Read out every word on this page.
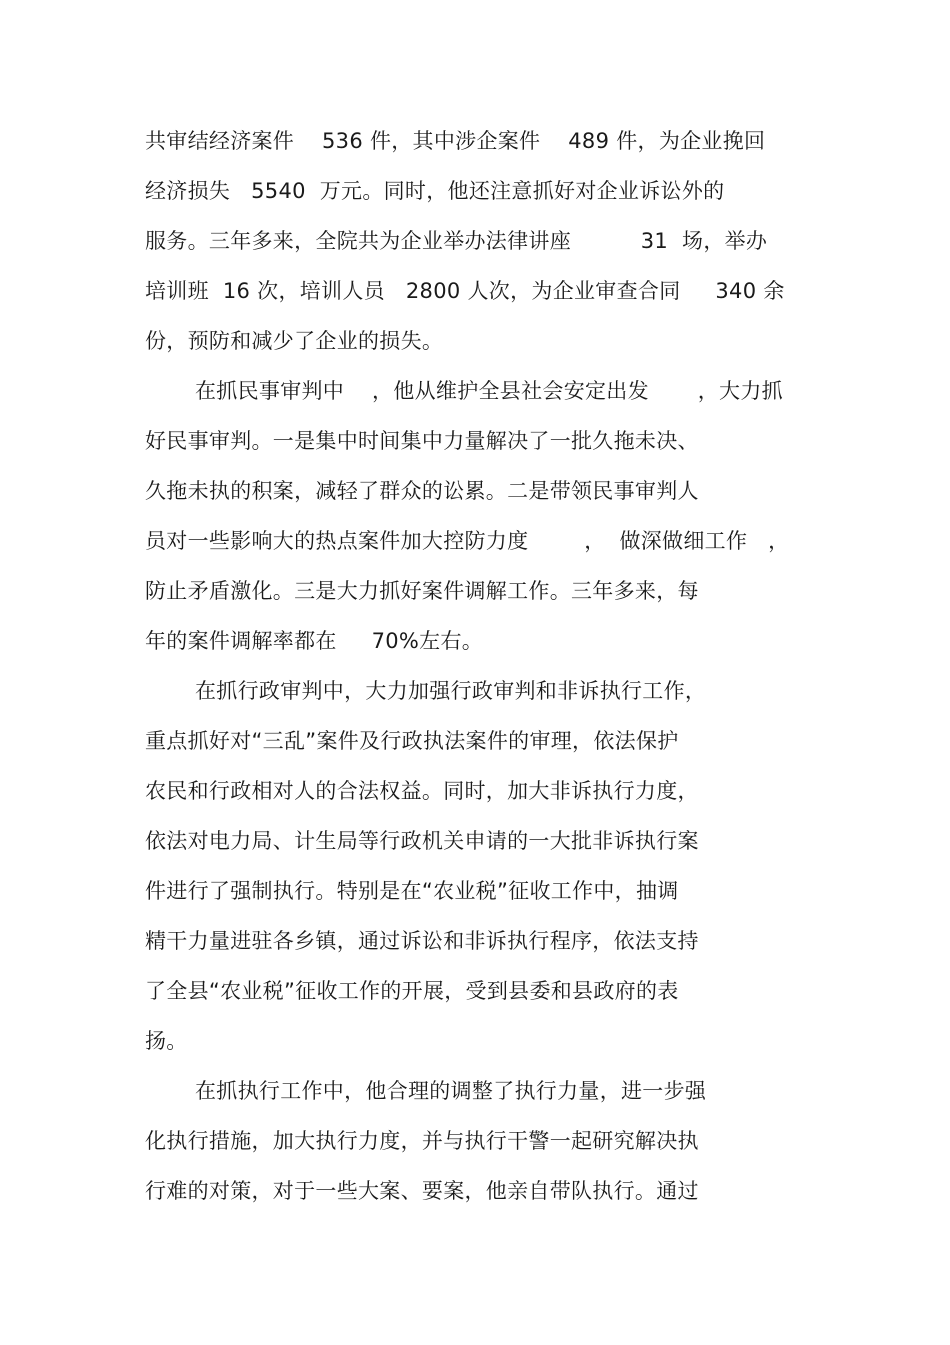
共审结经济案件    536 件，其中涉企案件    489 件，为企业挽回
经济损失   5540  万元。同时，他还注意抓好对企业诉讼外的
服务。三年多来，全院共为企业举办法律讲座          31  场，举办
培训班  16 次，培训人员   2800 人次，为企业审查合同     340 余
份，预防和减少了企业的损失。
在抓民事审判中    ，他从维护全县社会安定出发       ，大力抓
好民事审判。一是集中时间集中力量解决了一批久拖未决、
久拖未执的积案，减轻了群众的讼累。二是带领民事审判人
员对一些影响大的热点案件加大控防力度        ，  做深做细工作   ，
防止矛盾激化。三是大力抓好案件调解工作。三年多来，每
年的案件调解率都在     70%左右。
在抓行政审判中，大力加强行政审判和非诉执行工作，
重点抓好对“三乱”案件及行政执法案件的审理，依法保护
农民和行政相对人的合法权益。同时，加大非诉执行力度，
依法对电力局、计生局等行政机关申请的一大批非诉执行案
件进行了强制执行。特别是在“农业税”征收工作中，抽调
精干力量进驻各乡镇，通过诉讼和非诉执行程序，依法支持
了全县“农业税”征收工作的开展，受到县委和县政府的表
扬。
在抓执行工作中，他合理的调整了执行力量，进一步强
化执行措施，加大执行力度，并与执行干警一起研究解决执
行难的对策，对于一些大案、要案，他亲自带队执行。通过
